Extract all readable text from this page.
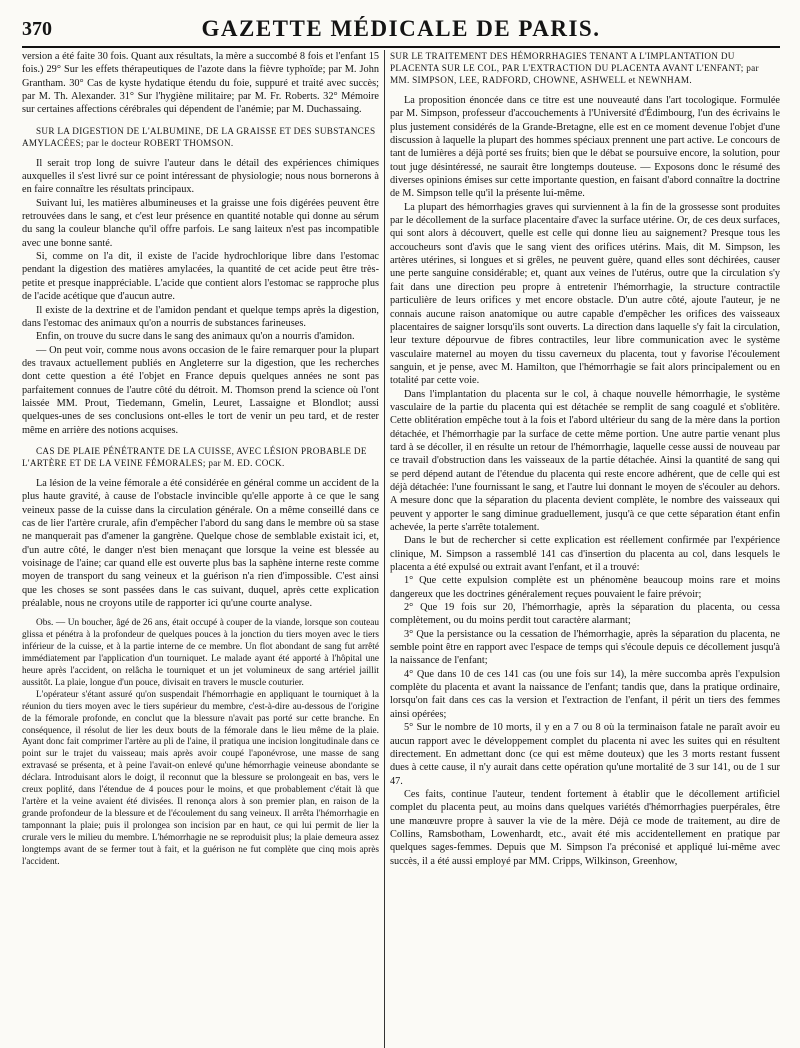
370	GAZETTE MÉDICALE DE PARIS.

version a été faite 30 fois. Quant aux résultats, la mère a succombé 8 fois et l'enfant 15 fois.) 29° Sur les effets thérapeutiques de l'azote dans la fièvre typhoïde; par M. John Grantham. 30° Cas de kyste hydatique étendu du foie, suppuré et traité avec succès; par M. Th. Alexander. 31° Sur l'hygiène militaire; par M. Fr. Roberts. 32° Mémoire sur certaines affections cérébrales qui dépendent de l'anémie; par M. Duchassaing.

SUR LA DIGESTION DE L'ALBUMINE, DE LA GRAISSE ET DES SUBSTANCES AMYLACÉES; par le docteur ROBERT THOMSON.

Il serait trop long de suivre l'auteur dans le détail des expériences chimiques auxquelles il s'est livré sur ce point intéressant de physiologie; nous nous bornerons à en faire connaître les résultats principaux.

Suivant lui, les matières albumineuses et la graisse une fois digérées peuvent être retrouvées dans le sang, et c'est leur présence en quantité notable qui donne au sérum du sang la couleur blanche qu'il offre parfois. Le sang laiteux n'est pas incompatible avec une bonne santé.

Si, comme on l'a dit, il existe de l'acide hydrochlorique libre dans l'estomac pendant la digestion des matières amylacées, la quantité de cet acide peut être très-petite et presque inappréciable. L'acide que contient alors l'estomac se rapproche plus de l'acide acétique que d'aucun autre.

Il existe de la dextrine et de l'amidon pendant et quelque temps après la digestion, dans l'estomac des animaux qu'on a nourris de substances farineuses.

Enfin, on trouve du sucre dans le sang des animaux qu'on a nourris d'amidon.

— On peut voir, comme nous avons occasion de le faire remarquer pour la plupart des travaux actuellement publiés en Angleterre sur la digestion, que les recherches dont cette question a été l'objet en France depuis quelques années ne sont pas parfaitement connues de l'autre côté du détroit. M. Thomson prend la science où l'ont laissée MM. Prout, Tiedemann, Gmelin, Leuret, Lassaigne et Blondlot; aussi quelques-unes de ses conclusions ont-elles le tort de venir un peu tard, et de rester même en arrière des notions acquises.

CAS DE PLAIE PÉNÉTRANTE DE LA CUISSE, AVEC LÉSION PROBABLE DE L'ARTÈRE ET DE LA VEINE FÉMORALES; par M. ED. COCK.

La lésion de la veine fémorale a été considérée en général comme un accident de la plus haute gravité, à cause de l'obstacle invincible qu'elle apporte à ce que le sang veineux passe de la cuisse dans la circulation générale. On a même conseillé dans ce cas de lier l'artère crurale, afin d'empêcher l'abord du sang dans le membre où sa stase ne manquerait pas d'amener la gangrène. Quelque chose de semblable existait ici, et, d'un autre côté, le danger n'est bien menaçant que lorsque la veine est blessée au voisinage de l'aine; car quand elle est ouverte plus bas la saphène interne reste comme moyen de transport du sang veineux et la guérison n'a rien d'impossible. C'est ainsi que les choses se sont passées dans le cas suivant, duquel, après cette explication préalable, nous ne croyons utile de rapporter ici qu'une courte analyse.

Obs. — Un boucher, âgé de 26 ans, était occupé à couper de la viande, lorsque son couteau glissa et pénétra à la profondeur de quelques pouces à la jonction du tiers moyen avec le tiers inférieur de la cuisse, et à la partie interne de ce membre. Un flot abondant de sang fut arrêté immédiatement par l'application d'un tourniquet. Le malade ayant été apporté à l'hôpital une heure après l'accident, on relâcha le tourniquet et un jet volumineux de sang artériel jaillit aussitôt. La plaie, longue d'un pouce, divisait en travers le muscle couturier.

L'opérateur s'étant assuré qu'on suspendait l'hémorrhagie en appliquant le tourniquet à la réunion du tiers moyen avec le tiers supérieur du membre, c'est-à-dire au-dessous de l'origine de la fémorale profonde, en conclut que la blessure n'avait pas porté sur cette branche. En conséquence, il résolut de lier les deux bouts de la fémorale dans le lieu même de la plaie. Ayant donc fait comprimer l'artère au pli de l'aine, il pratiqua une incision longitudinale dans ce point sur le trajet du vaisseau; mais après avoir coupé l'aponévrose, une masse de sang extravasé se présenta, et à peine l'avait-on enlevé qu'une hémorrhagie veineuse abondante se déclara. Introduisant alors le doigt, il reconnut que la blessure se prolongeait en bas, vers le creux poplité, dans l'étendue de 4 pouces pour le moins, et que probablement c'était là que l'artère et la veine avaient été divisées. Il renonça alors à son premier plan, en raison de la grande profondeur de la blessure et de l'écoulement du sang veineux. Il arrêta l'hémorrhagie en tamponnant la plaie; puis il prolongea son incision par en haut, ce qui lui permit de lier la crurale vers le milieu du membre. L'hémorrhagie ne se reproduisit plus; la plaie demeura assez longtemps avant de se fermer tout à fait, et la guérison ne fut complète que cinq mois après l'accident.

SUR LE TRAITEMENT DES HÉMORRHAGIES TENANT A L'IMPLANTATION DU PLACENTA SUR LE COL, PAR L'EXTRACTION DU PLACENTA AVANT L'ENFANT; par MM. SIMPSON, LEE, RADFORD, CHOWNE, ASHWELL et NEWNHAM.

La proposition énoncée dans ce titre est une nouveauté dans l'art tocologique. Formulée par M. Simpson, professeur d'accouchements à l'Université d'Édimbourg, l'un des écrivains le plus justement considérés de la Grande-Bretagne, elle est en ce moment devenue l'objet d'une discussion à laquelle la plupart des hommes spéciaux prennent une part active. Le concours de tant de lumières a déjà porté ses fruits; bien que le débat se poursuive encore, la solution, pour tout juge désintéressé, ne saurait être longtemps douteuse. — Exposons donc le résumé des diverses opinions émises sur cette importante question, en faisant d'abord connaître la doctrine de M. Simpson telle qu'il la présente lui-même.

La plupart des hémorrhagies graves qui surviennent à la fin de la grossesse sont produites par le décollement de la surface placentaire d'avec la surface utérine. Or, de ces deux surfaces, qui sont alors à découvert, quelle est celle qui donne lieu au saignement? Presque tous les accoucheurs sont d'avis que le sang vient des orifices utérins. Mais, dit M. Simpson, les artères utérines, si longues et si grêles, ne peuvent guère, quand elles sont déchirées, causer une perte sanguine considérable; et, quant aux veines de l'utérus, outre que la circulation s'y fait dans une direction peu propre à entretenir l'hémorrhagie, la structure contractile particulière de leurs orifices y met encore obstacle. D'un autre côté, ajoute l'auteur, je ne connais aucune raison anatomique ou autre capable d'empêcher les orifices des vaisseaux placentaires de saigner lorsqu'ils sont ouverts. La direction dans laquelle s'y fait la circulation, leur texture dépourvue de fibres contractiles, leur libre communication avec le système vasculaire maternel au moyen du tissu caverneux du placenta, tout y favorise l'écoulement sanguin, et je pense, avec M. Hamilton, que l'hémorrhagie se fait alors principalement ou en totalité par cette voie.

Dans l'implantation du placenta sur le col, à chaque nouvelle hémorrhagie, le système vasculaire de la partie du placenta qui est détachée se remplit de sang coagulé et s'oblitère. Cette oblitération empêche tout à la fois et l'abord ultérieur du sang de la mère dans la portion détachée, et l'hémorrhagie par la surface de cette même portion. Une autre partie venant plus tard à se décoller, il en résulte un retour de l'hémorrhagie, laquelle cesse aussi de nouveau par ce travail d'obstruction dans les vaisseaux de la partie détachée. Ainsi la quantité de sang qui se perd dépend autant de l'étendue du placenta qui reste encore adhérent, que de celle qui est déjà détachée: l'une fournissant le sang, et l'autre lui donnant le moyen de s'écouler au dehors. A mesure donc que la séparation du placenta devient complète, le nombre des vaisseaux qui peuvent y apporter le sang diminue graduellement, jusqu'à ce que cette séparation étant enfin achevée, la perte s'arrête totalement.

Dans le but de rechercher si cette explication est réellement confirmée par l'expérience clinique, M. Simpson a rassemblé 141 cas d'insertion du placenta au col, dans lesquels le placenta a été expulsé ou extrait avant l'enfant, et il a trouvé:

1° Que cette expulsion complète est un phénomène beaucoup moins rare et moins dangereux que les doctrines généralement reçues pouvaient le faire prévoir;

2° Que 19 fois sur 20, l'hémorrhagie, après la séparation du placenta, ou cessa complètement, ou du moins perdit tout caractère alarmant;

3° Que la persistance ou la cessation de l'hémorrhagie, après la séparation du placenta, ne semble point être en rapport avec l'espace de temps qui s'écoule depuis ce décollement jusqu'à la naissance de l'enfant;

4° Que dans 10 de ces 141 cas (ou une fois sur 14), la mère succomba après l'expulsion complète du placenta et avant la naissance de l'enfant; tandis que, dans la pratique ordinaire, lorsqu'on fait dans ces cas la version et l'extraction de l'enfant, il périt un tiers des femmes ainsi opérées;

5° Sur le nombre de 10 morts, il y en a 7 ou 8 où la terminaison fatale ne paraît avoir eu aucun rapport avec le développement complet du placenta ni avec les suites qui en résultent directement. En admettant donc (ce qui est même douteux) que les 3 morts restant fussent dues à cette cause, il n'y aurait dans cette opération qu'une mortalité de 3 sur 141, ou de 1 sur 47.

Ces faits, continue l'auteur, tendent fortement à établir que le décollement artificiel complet du placenta peut, au moins dans quelques variétés d'hémorrhagies puerpérales, être une manœuvre propre à sauver la vie de la mère. Déjà ce mode de traitement, au dire de Collins, Ramsbotham, Lowenhardt, etc., avait été mis accidentellement en pratique par quelques sages-femmes. Depuis que M. Simpson l'a préconisé et appliqué lui-même avec succès, il a été aussi employé par MM. Cripps, Wilkinson, Greenhow,
